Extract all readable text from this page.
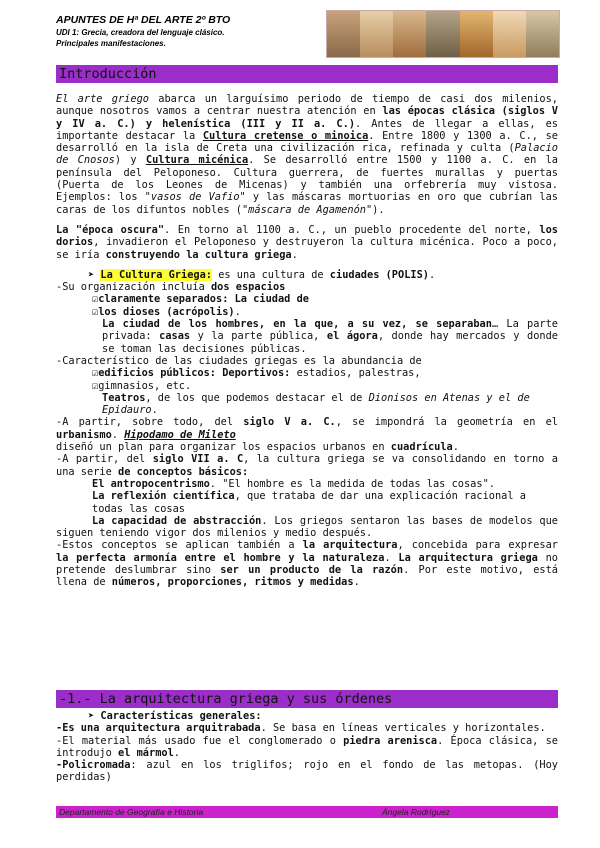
APUNTES DE Hª DEL ARTE 2º BTO
UDI 1: Grecia, creadora del lenguaje clásico.
Principales manifestaciones.
Introducción

El arte griego abarca un larguísimo periodo de tiempo de casi dos milenios, aunque nosotros vamos a centrar nuestra atención en las épocas clásica (siglos V y IV a. C.) y helenística (III y II a. C.). Antes de llegar a ellas, es importante destacar la Cultura cretense o minoica. Entre 1800 y 1300 a. C., se desarrolló en la isla de Creta una civilización rica, refinada y culta (Palacio de Cnosos) y Cultura micénica. Se desarrolló entre 1500 y 1100 a. C. en la península del Peloponeso. Cultura guerrera, de fuertes murallas y puertas (Puerta de los Leones de Micenas) y también una orfebrería muy vistosa. Ejemplos: los "vasos de Vafio" y las máscaras mortuorias en oro que cubrían las caras de los difuntos nobles ("máscara de Agamenón").

La "época oscura". En torno al 1100 a. C., un pueblo procedente del norte, los dorios, invadieron el Peloponeso y destruyeron la cultura micénica. Poco a poco, se iría construyendo la cultura griega.

➤ La Cultura Griega: es una cultura de ciudades (POLIS).

-Su organización incluía dos espacios

☑claramente separados: La ciudad de

☑los dioses (acrópolis).

La ciudad de los hombres, en la que, a su vez, se separaban… La parte privada: casas y la parte pública, el ágora, donde hay mercados y donde se toman las decisiones públicas.

-Característico de las ciudades griegas es la abundancia de

☑edificios públicos: Deportivos: estadios, palestras,

☑gimnasios, etc.

Teatros, de los que podemos destacar el de Dionisos en Atenas y el de Epidauro.

-A partir, sobre todo, del siglo V a. C., se impondrá la geometría en el urbanismo. Hipodamo de Mileto

diseñó un plan para organizar los espacios urbanos en cuadrícula.

-A partir, del siglo VII a. C, la cultura griega se va consolidando en torno a una serie de conceptos básicos:

El antropocentrismo. "El hombre es la medida de todas las cosas".

La reflexión científica, que trataba de dar una explicación racional a todas las cosas

La capacidad de abstracción. Los griegos sentaron las bases de modelos que siguen teniendo vigor dos milenios y medio después.

-Estos conceptos se aplican también a la arquitectura, concebida para expresar la perfecta armonía entre el hombre y la naturaleza. La arquitectura griega no pretende deslumbrar sino ser un producto de la razón. Por este motivo, está llena de números, proporciones, ritmos y medidas.

-1.- La arquitectura griega y sus órdenes

➤ Características generales:

-Es una arquitectura arquitrabada. Se basa en líneas verticales y horizontales.

-El material más usado fue el conglomerado o piedra arenisca. Época clásica, se introdujo el mármol.

-Policromada: azul en los triglifos; rojo en el fondo de las metopas. (Hoy perdidas)

Departamento de Geografía e Historia	Ángela Rodríguez
